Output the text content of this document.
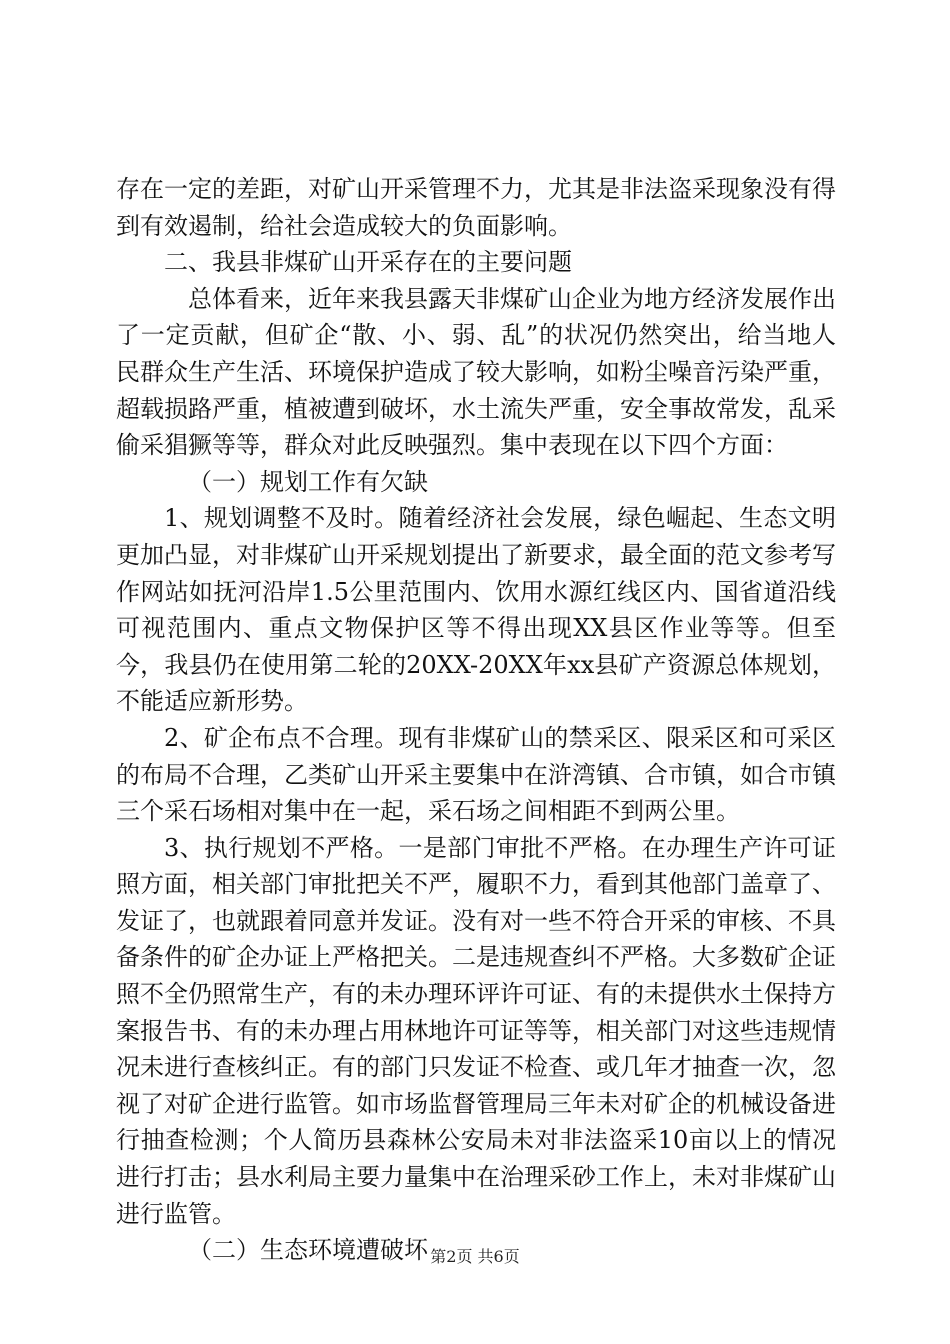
存在一定的差距，对矿山开采管理不力，尤其是非法盗采现象没有得到有效遏制，给社会造成较大的负面影响。

二、我县非煤矿山开采存在的主要问题

总体看来，近年来我县露天非煤矿山企业为地方经济发展作出了一定贡献，但矿企“散、小、弱、乱”的状况仍然突出，给当地人民群众生产生活、环境保护造成了较大影响，如粉尘噪音污染严重，超载损路严重，植被遭到破坏，水土流失严重，安全事故常发，乱采偷采猖獗等等，群众对此反映强烈。集中表现在以下四个方面：

（一）规划工作有欠缺

1、规划调整不及时。随着经济社会发展，绿色崛起、生态文明更加凸显，对非煤矿山开采规划提出了新要求，最全面的范文参考写作网站如抚河沿岸1.5公里范围内、饮用水源红线区内、国省道沿线可视范围内、重点文物保护区等不得出现XX县区作业等等。但至今，我县仍在使用第二轮的20XX-20XX年xx县矿产资源总体规划，不能适应新形势。

2、矿企布点不合理。现有非煤矿山的禁采区、限采区和可采区的布局不合理，乙类矿山开采主要集中在浒湾镇、合市镇，如合市镇三个采石场相对集中在一起，采石场之间相距不到两公里。

3、执行规划不严格。一是部门审批不严格。在办理生产许可证照方面，相关部门审批把关不严，履职不力，看到其他部门盖章了、发证了，也就跟着同意并发证。没有对一些不符合开采的审核、不具备条件的矿企办证上严格把关。二是违规查纠不严格。大多数矿企证照不全仍照常生产，有的未办理环评许可证、有的未提供水土保持方案报告书、有的未办理占用林地许可证等等，相关部门对这些违规情况未进行查核纠正。有的部门只发证不检查、或几年才抽查一次，忽视了对矿企进行监管。如市场监督管理局三年未对矿企的机械设备进行抽查检测；个人简历县森林公安局未对非法盗采10亩以上的情况进行打击；县水利局主要力量集中在治理采砂工作上，未对非煤矿山进行监管。

（二）生态环境遭破坏 第2页 共6页
